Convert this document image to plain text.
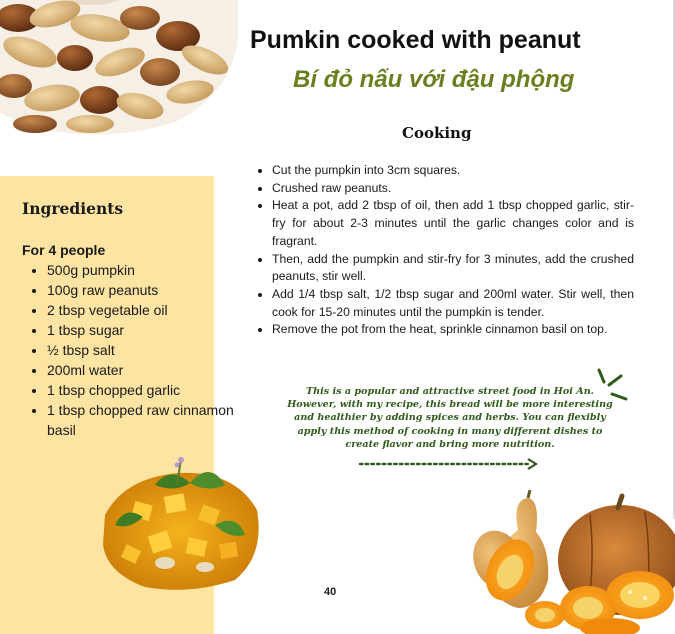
Ingredients
For 4 people
• 500g pumpkin
• 100g raw peanuts
• 2 tbsp vegetable oil
• 1 tbsp sugar
• ½ tbsp salt
• 200ml water
• 1 tbsp chopped garlic
• 1 tbsp chopped raw cinnamon basil
Pumkin cooked with peanut
Bí đỏ nấu với đậu phộng
Cooking
• Cut the pumpkin into 3cm squares.
• Crushed raw peanuts.
• Heat a pot, add 2 tbsp of oil, then add 1 tbsp chopped garlic, stir-fry for about 2-3 minutes until the garlic changes color and is fragrant.
• Then, add the pumpkin and stir-fry for 3 minutes, add the crushed peanuts, stir well.
• Add 1/4 tbsp salt, 1/2 tbsp sugar and 200ml water. Stir well, then cook for 15-20 minutes until the pumpkin is tender.
• Remove the pot from the heat, sprinkle cinnamon basil on top.
This is a popular and attractive street food in Hoi An. However, with my recipe, this bread will be more interesting and healthier by adding spices and herbs. You can flexibly apply this method of cooking in many different dishes to create flavor and bring more nutrition.
40
